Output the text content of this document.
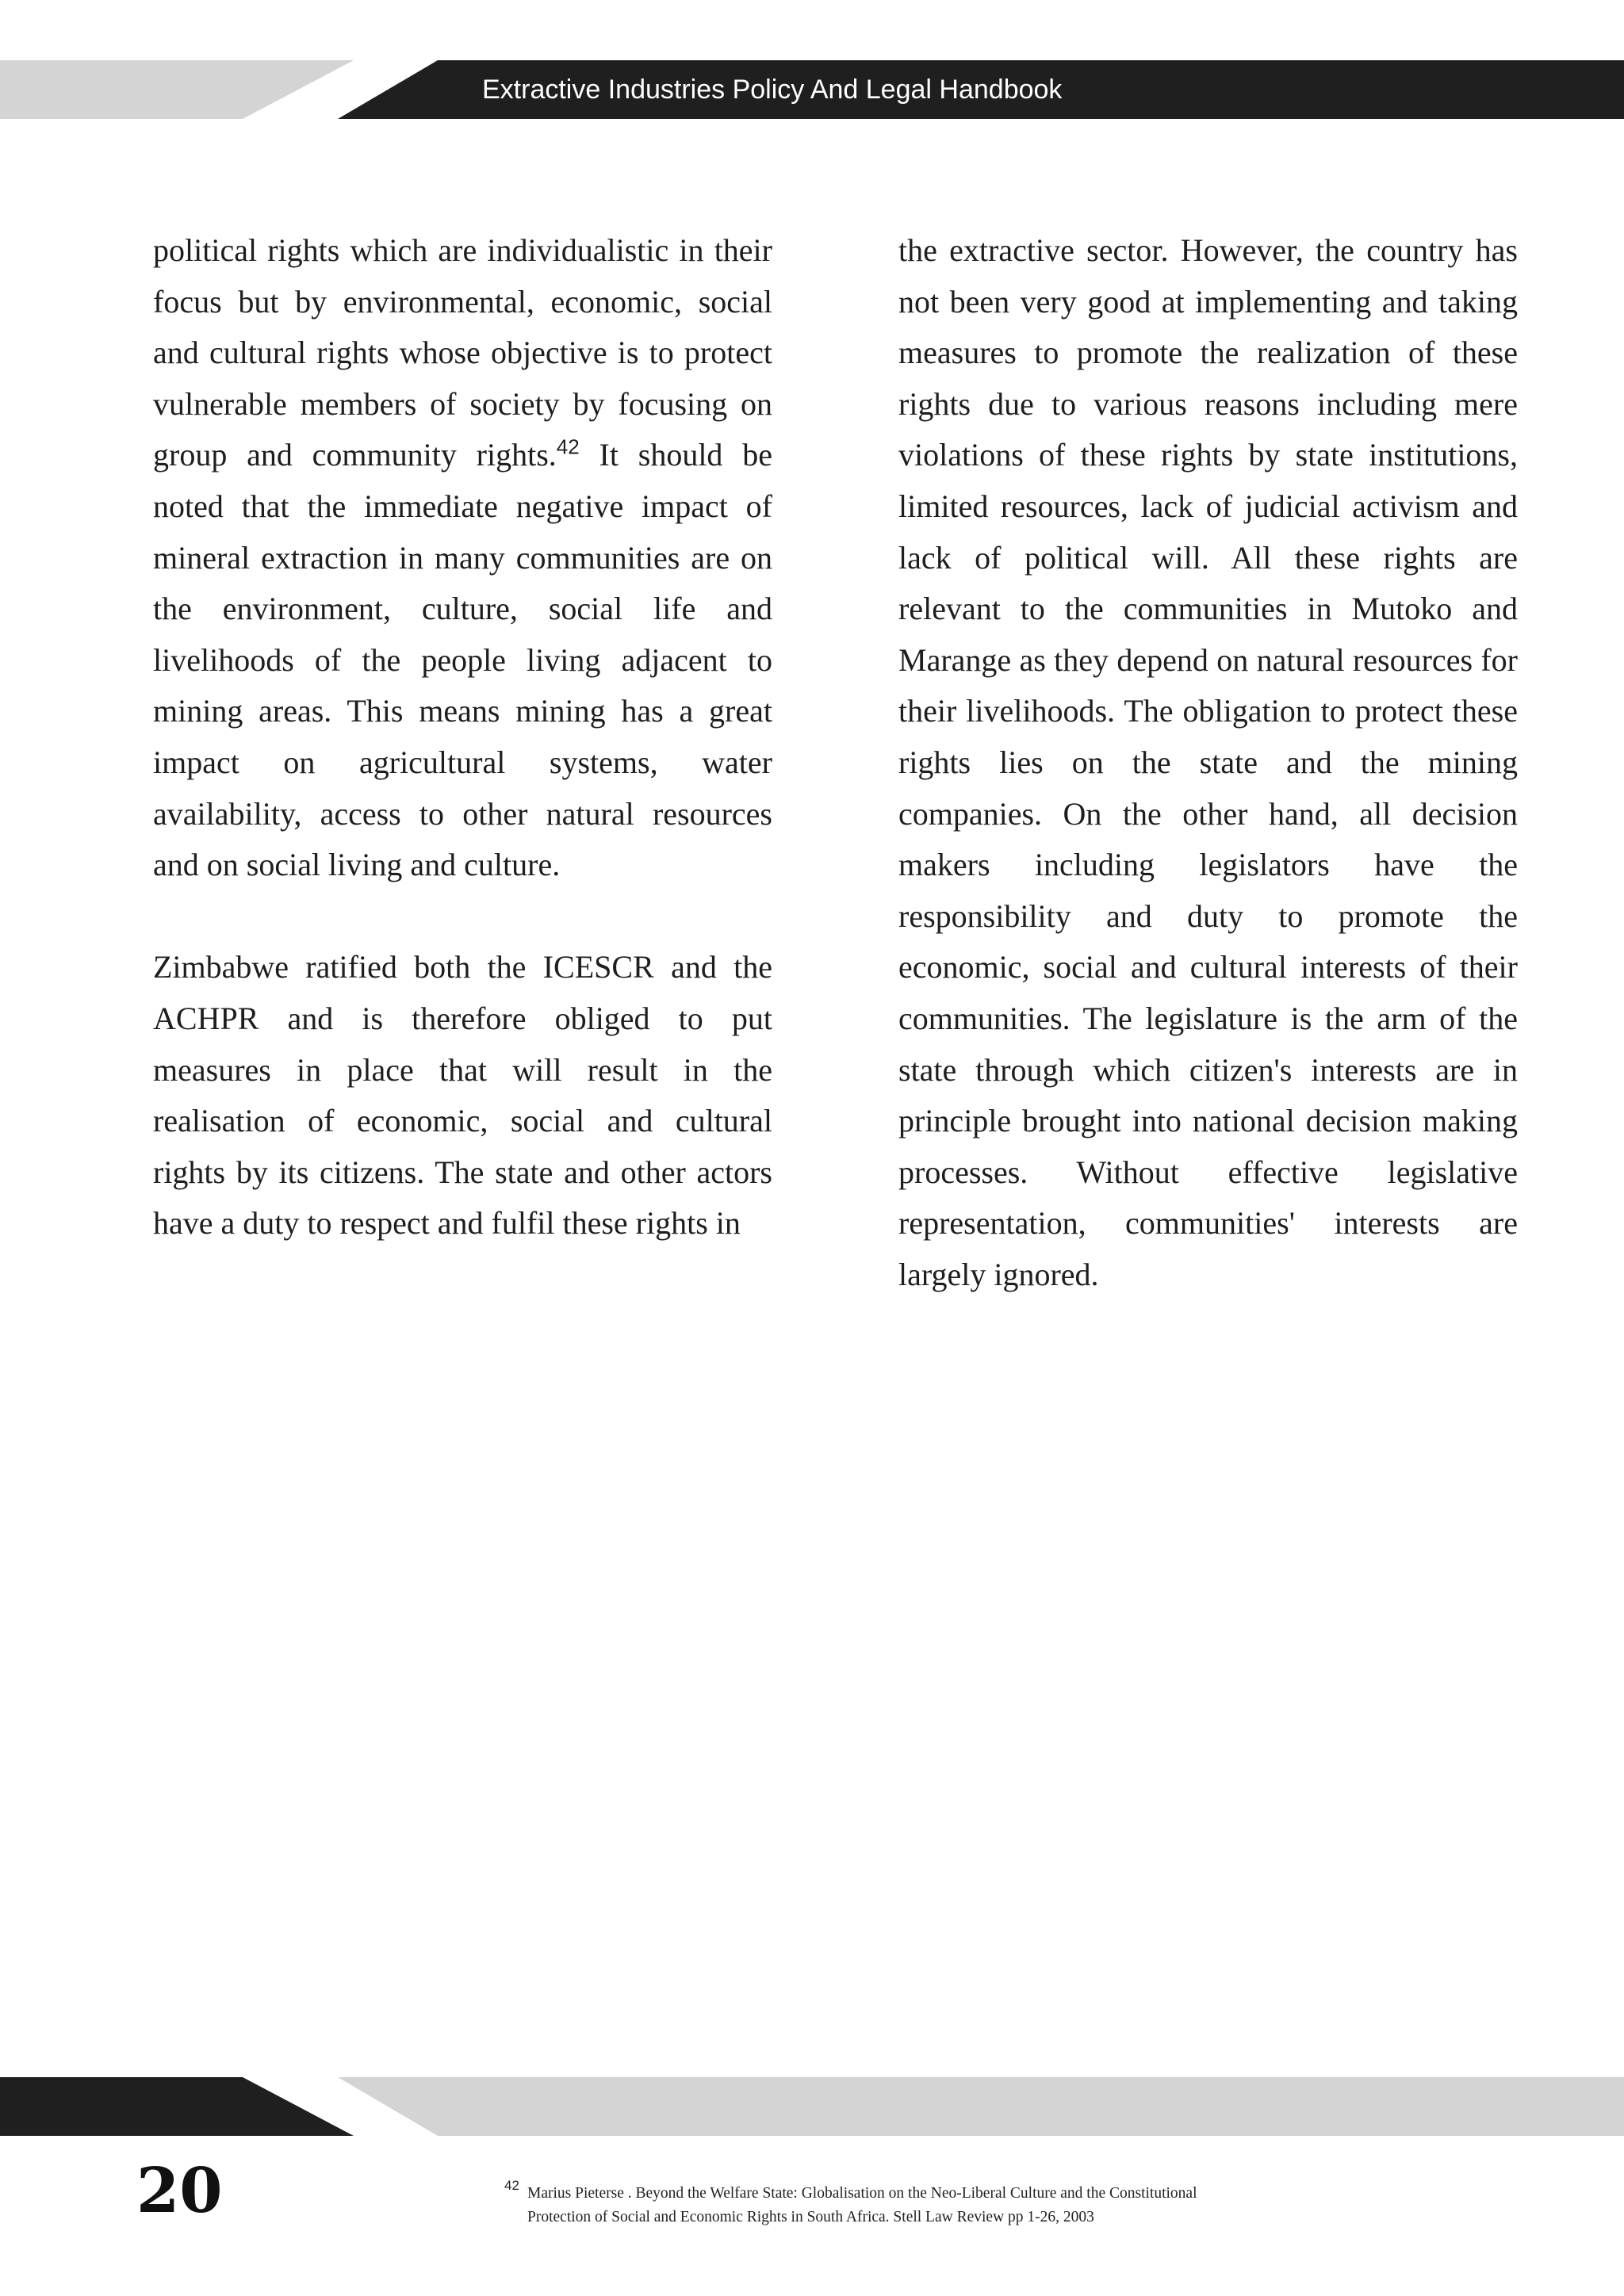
Extractive Industries Policy And Legal Handbook

political rights which are individualistic in their focus but by environmental, economic, social and cultural rights whose objective is to protect vulnerable members of society by focusing on group and community rights.$^{42}$ It should be noted that the immediate negative impact of mineral extraction in many communities are on the environment, culture, social life and livelihoods of the people living adjacent to mining areas. This means mining has a great impact on agricultural systems, water availability, access to other natural resources and on social living and culture.

Zimbabwe ratified both the ICESCR and the ACHPR and is therefore obliged to put measures in place that will result in the realisation of economic, social and cultural rights by its citizens. The state and other actors have a duty to respect and fulfil these rights in

the extractive sector. However, the country has not been very good at implementing and taking measures to promote the realization of these rights due to various reasons including mere violations of these rights by state institutions, limited resources, lack of judicial activism and lack of political will. All these rights are relevant to the communities in Mutoko and Marange as they depend on natural resources for their livelihoods. The obligation to protect these rights lies on the state and the mining companies. On the other hand, all decision makers including legislators have the responsibility and duty to promote the economic, social and cultural interests of their communities. The legislature is the arm of the state through which citizen's interests are in principle brought into national decision making processes. Without effective legislative representation, communities' interests are largely ignored.

20	42 Marius Pieterse . Beyond the Welfare State: Globalisation on the Neo-Liberal Culture and the Constitutional
Protection of Social and Economic Rights in South Africa. Stell Law Review pp 1-26, 2003
